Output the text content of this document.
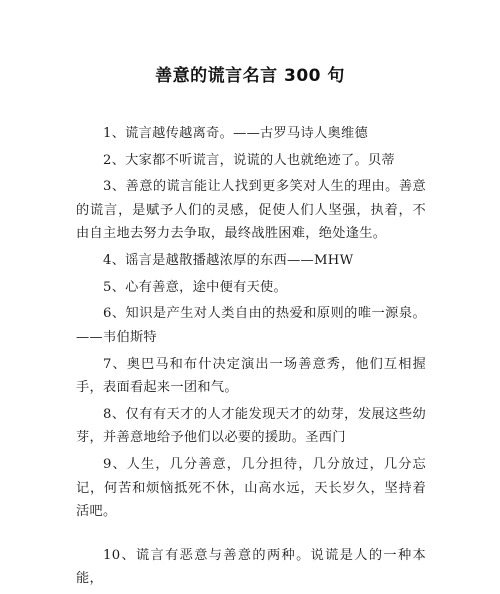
善意的谎言名言 300 句

1、谎言越传越离奇。——古罗马诗人奥维德

2、大家都不听谎言，说谎的人也就绝迹了。贝蒂

3、善意的谎言能让人找到更多笑对人生的理由。善意的谎言，是赋予人们的灵感，促使人们人坚强，执着，不由自主地去努力去争取，最终战胜困难，绝处逢生。

4、谣言是越散播越浓厚的东西——MHW

5、心有善意，途中便有天使。

6、知识是产生对人类自由的热爱和原则的唯一源泉。——韦伯斯特

7、奥巴马和布什决定演出一场善意秀，他们互相握手，表面看起来一团和气。

8、仅有有天才的人才能发现天才的幼芽，发展这些幼芽，并善意地给予他们以必要的援助。圣西门

9、人生，几分善意，几分担待，几分放过，几分忘记，何苦和烦恼抵死不休，山高水远，天长岁久，坚持着活吧。

10、谎言有恶意与善意的两种。说谎是人的一种本能，
